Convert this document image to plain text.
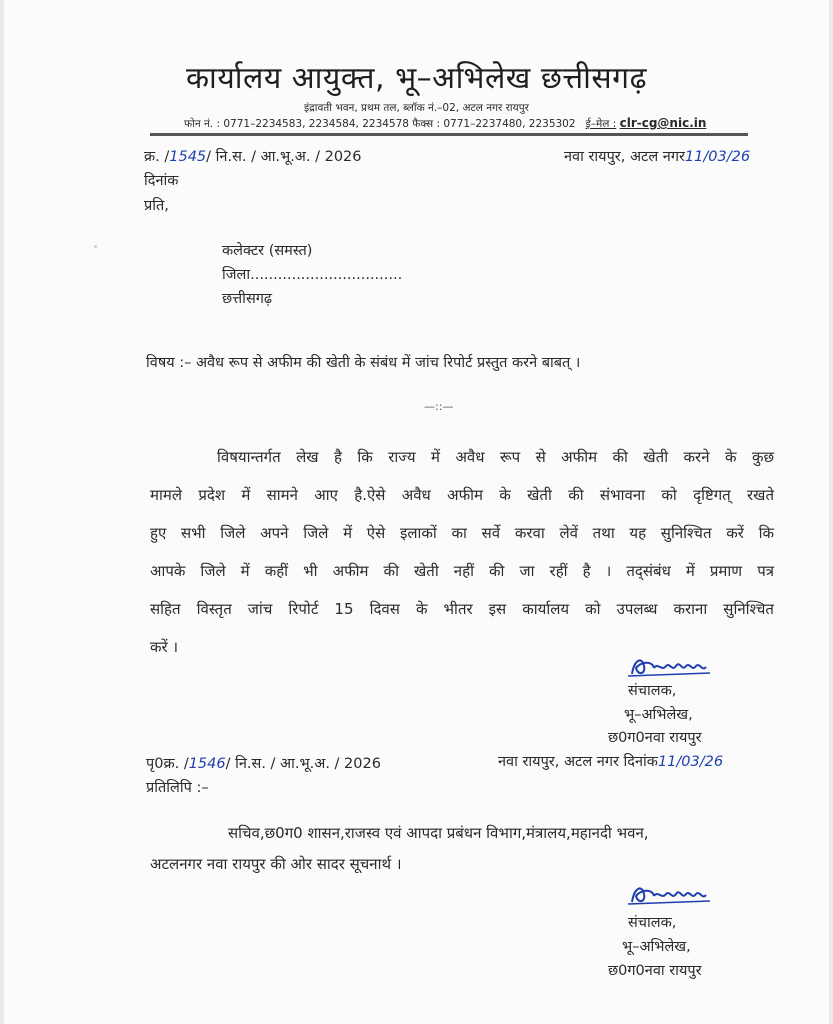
कार्यालय आयुक्त, भू–अभिलेख छत्तीसगढ़
इंद्रावती भवन, प्रथम तल, ब्लॉक नं.–02, अटल नगर रायपुर
फोन नं. : 0771–2234583, 2234584, 2234578 फैक्स : 0771–2237480, 2235302 ई–मेल : clr-cg@nic.in
क्र. /1545/ नि.स. / आ.भू.अ. / 2026	नवा रायपुर, अटल नगर11/03/26
दिनांक
प्रति,
कलेक्टर (समस्त)
जिला.................................
छत्तीसगढ़
विषय :– अवैध रूप से अफीम की खेती के संबंध में जांच रिपोर्ट प्रस्तुत करने बाबत् ।
—::—
विषयान्तर्गत लेख है कि राज्य में अवैध रूप से अफीम की खेती करने के कुछ
मामले प्रदेश में सामने आए है.ऐसे अवैध अफीम के खेती की संभावना को दृष्टिगत् रखते
हुए सभी जिले अपने जिले में ऐसे इलाकों का सर्वे करवा लेवें तथा यह सुनिश्चित करें कि
आपके जिले में कहीं भी अफीम की खेती नहीं की जा रहीं है । तद्संबंध में प्रमाण पत्र
सहित विस्तृत जांच रिपोर्ट 15 दिवस के भीतर इस कार्यालय को उपलब्ध कराना सुनिश्चित
करें ।
संचालक,
भू–अभिलेख,
छ0ग0नवा रायपुर
पृ0क्र. /1546/ नि.स. / आ.भू.अ. / 2026	नवा रायपुर, अटल नगर दिनांक11/03/26
प्रतिलिपि :–
सचिव,छ0ग0 शासन,राजस्व एवं आपदा प्रबंधन विभाग,मंत्रालय,महानदी भवन,
अटलनगर नवा रायपुर की ओर सादर सूचनार्थ ।
संचालक,
भू–अभिलेख,
छ0ग0नवा रायपुर
